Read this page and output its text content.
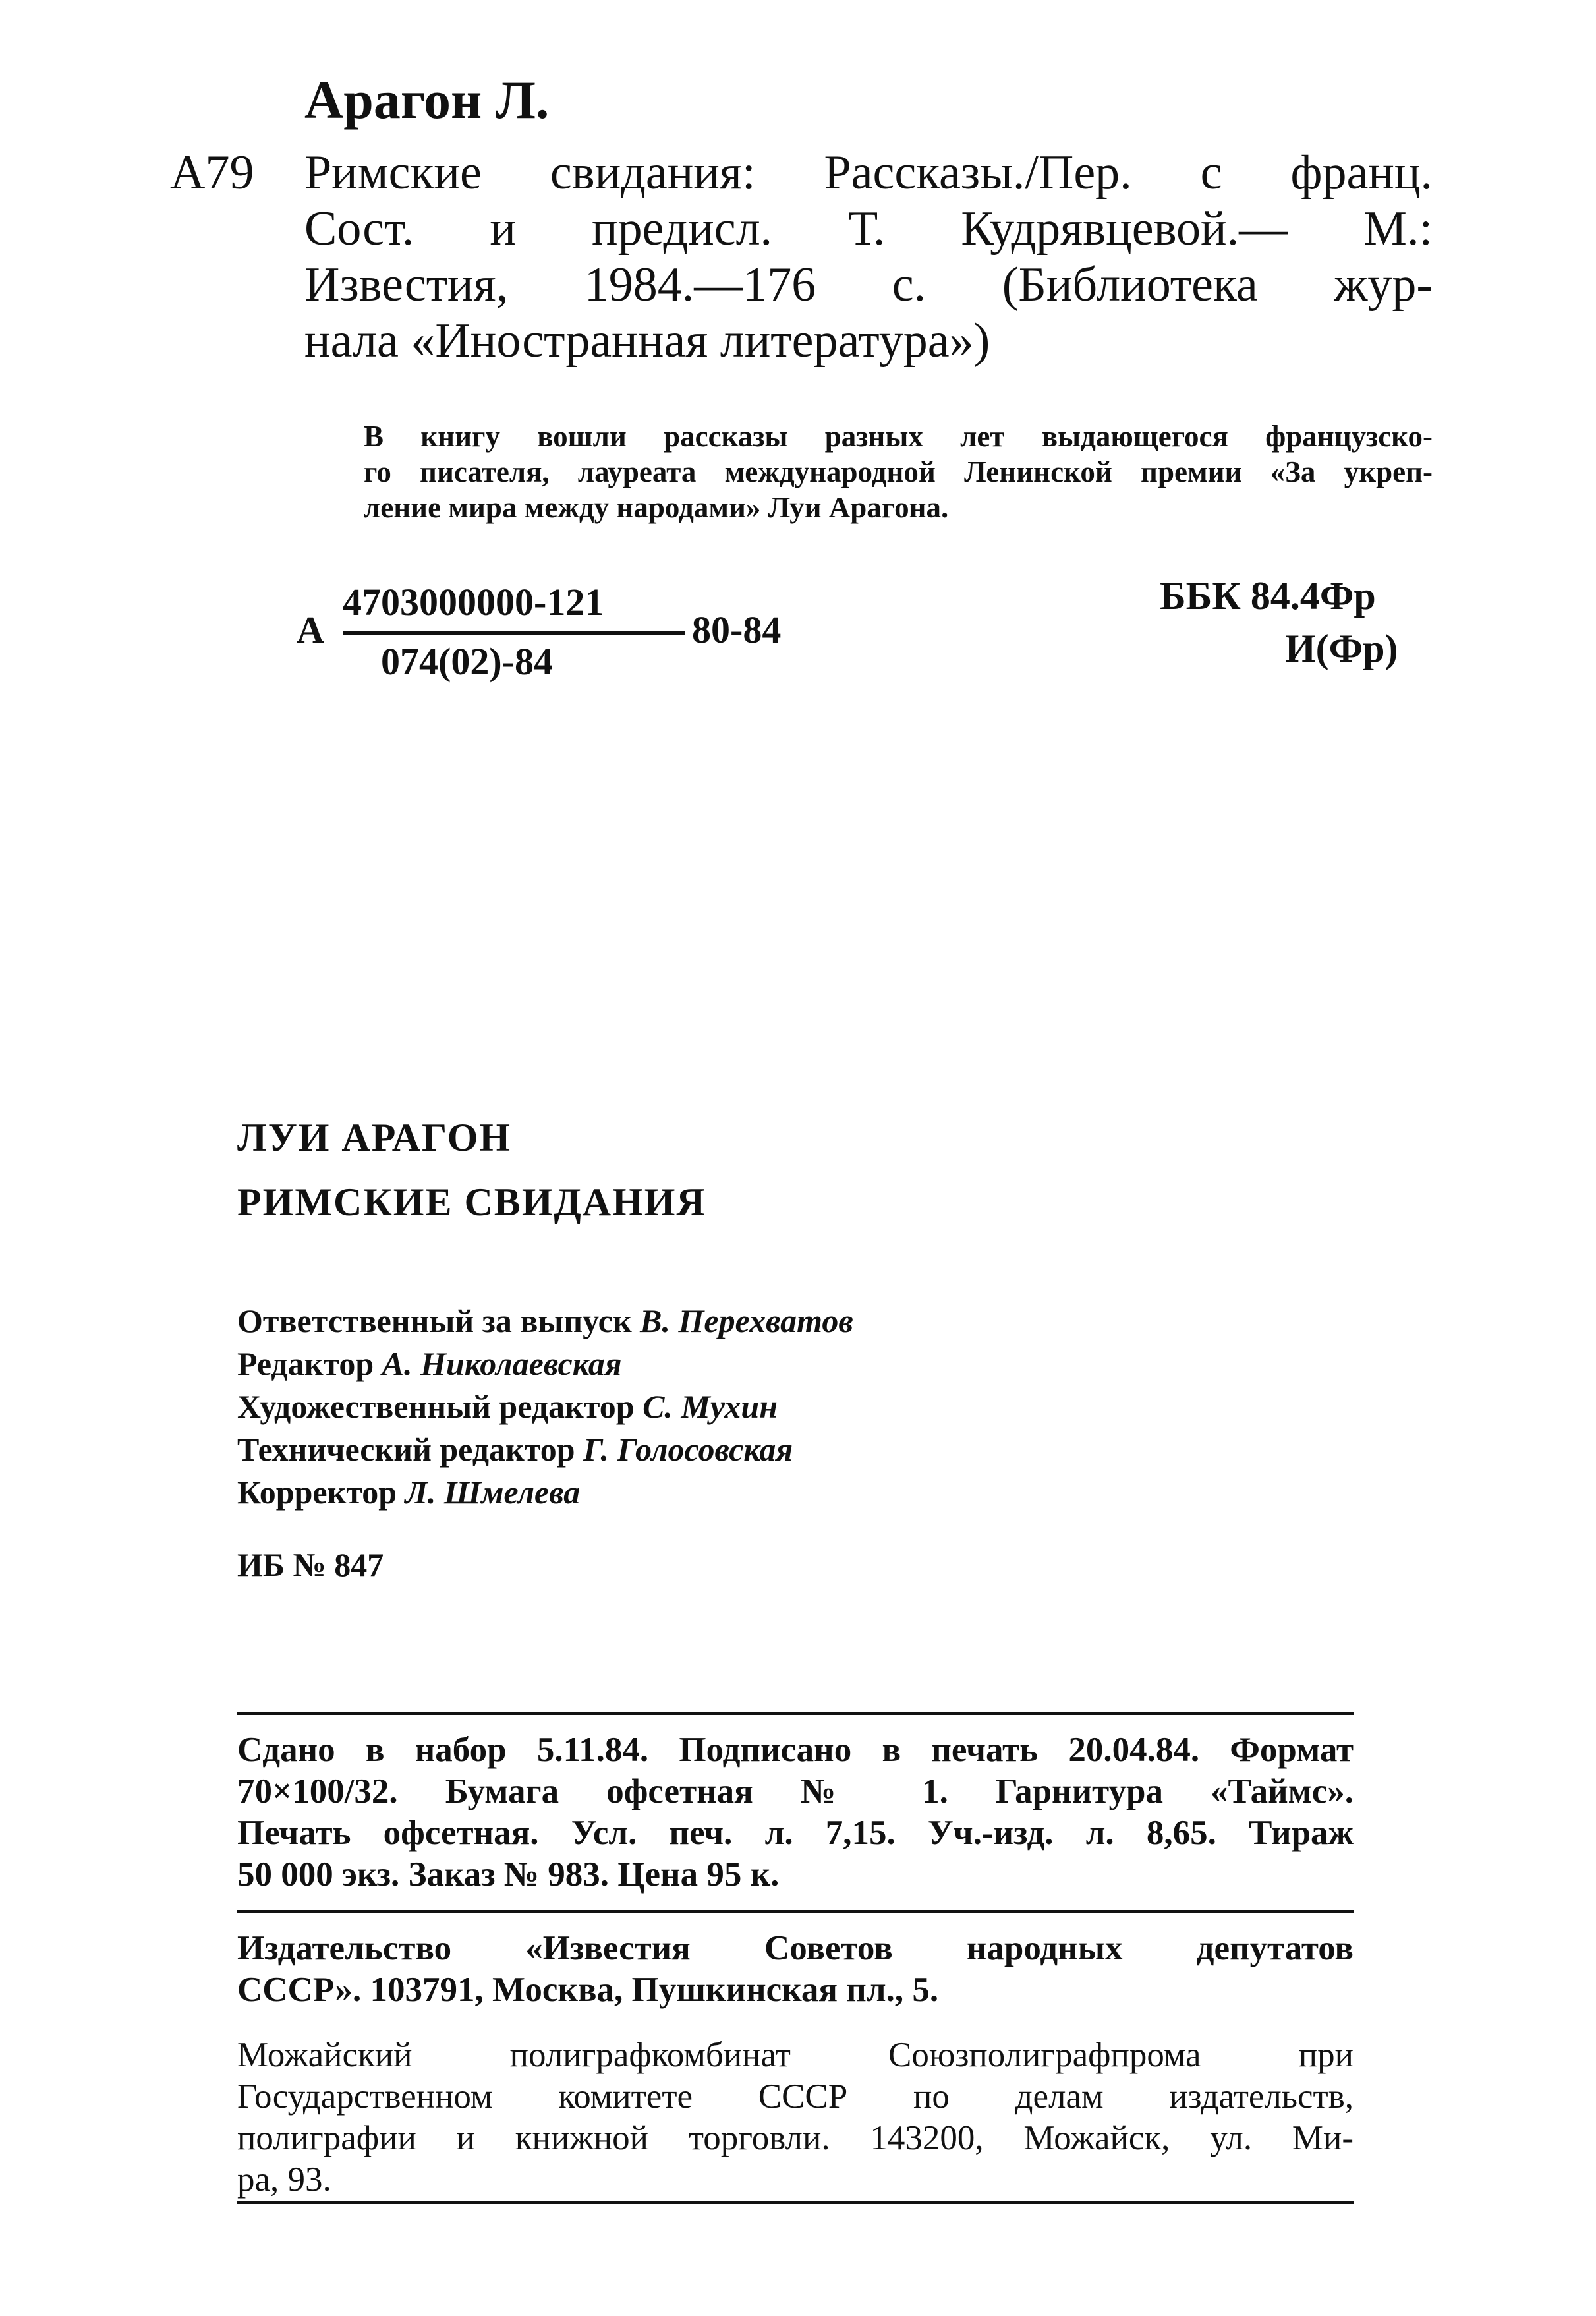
Арагон Л.
А79 Римские свидания: Рассказы./Пер. с франц.
Сост. и предисл. Т. Кудрявцевой.— М.:
Известия, 1984.—176 с. (Библиотека жур-
нала «Иностранная литература»)
В книгу вошли рассказы разных лет выдающегося французско-
го писателя, лауреата международной Ленинской премии «За укреп-
ление мира между народами» Луи Арагона.
А
4703000000-121
074(02)-84
80-84
ББК 84.4Фр
И(Фр)
ЛУИ АРАГОН
РИМСКИЕ СВИДАНИЯ
Ответственный за выпуск В. Перехватов
Редактор А. Николаевская
Художественный редактор С. Мухин
Технический редактор Г. Голосовская
Корректор Л. Шмелева
ИБ № 847
Сдано в набор 5.11.84. Подписано в печать 20.04.84. Формат
70×100/32. Бумага офсетная № 1. Гарнитура «Таймс».
Печать офсетная. Усл. печ. л. 7,15. Уч.-изд. л. 8,65. Тираж
50 000 экз. Заказ № 983. Цена 95 к.
Издательство «Известия Советов народных депутатов
СССР». 103791, Москва, Пушкинская пл., 5.
Можайский полиграфкомбинат Союзполиграфпрома при
Государственном комитете СССР по делам издательств,
полиграфии и книжной торговли. 143200, Можайск, ул. Ми-
ра, 93.
